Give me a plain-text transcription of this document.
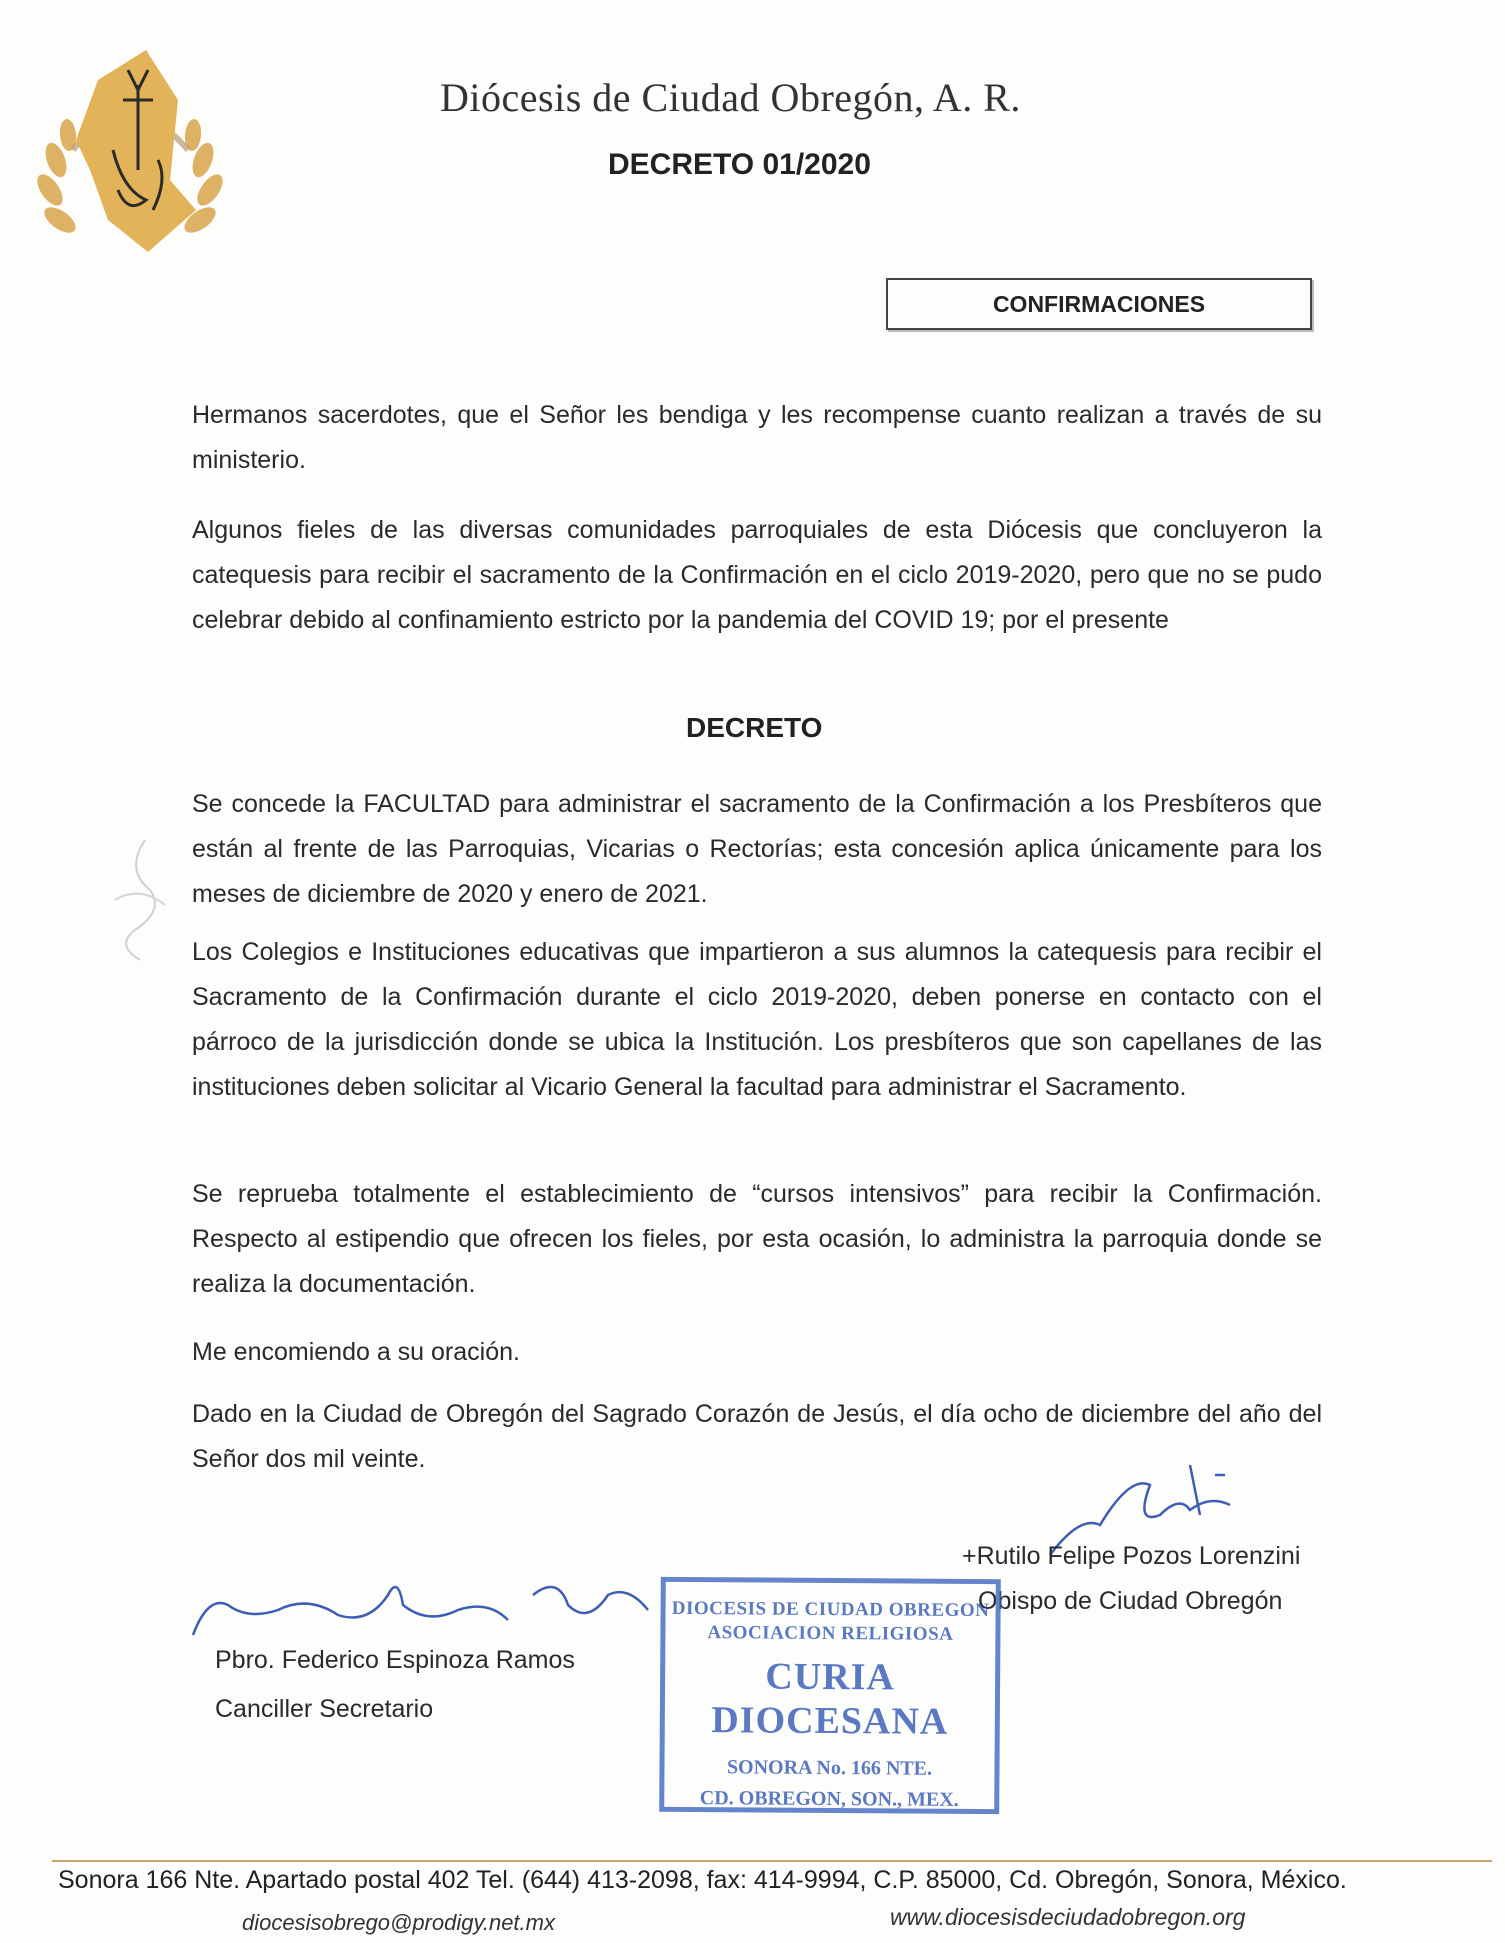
Diócesis de Ciudad Obregón, A. R.
DECRETO 01/2020
CONFIRMACIONES
Hermanos sacerdotes, que el Señor les bendiga y les recompense cuanto realizan a través de su ministerio.
Algunos fieles de las diversas comunidades parroquiales de esta Diócesis que concluyeron la catequesis para recibir el sacramento de la Confirmación en el ciclo 2019-2020, pero que no se pudo celebrar debido al confinamiento estricto por la pandemia del COVID 19; por el presente
DECRETO
Se concede la FACULTAD para administrar el sacramento de la Confirmación a los Presbíteros que están al frente de las Parroquias, Vicarias o Rectorías; esta concesión aplica únicamente para los meses de diciembre de 2020 y enero de 2021.
Los Colegios e Instituciones educativas que impartieron a sus alumnos la catequesis para recibir el Sacramento de la Confirmación durante el ciclo 2019-2020, deben ponerse en contacto con el párroco de la jurisdicción donde se ubica la Institución. Los presbíteros que son capellanes de las instituciones deben solicitar al Vicario General la facultad para administrar el Sacramento.
Se reprueba totalmente el establecimiento de “cursos intensivos” para recibir la Confirmación. Respecto al estipendio que ofrecen los fieles, por esta ocasión, lo administra la parroquia donde se realiza la documentación.
Me encomiendo a su oración.
Dado en la Ciudad de Obregón del Sagrado Corazón de Jesús, el día ocho de diciembre del año del Señor dos mil veinte.
+Rutilo Felipe Pozos Lorenzini
Obispo de Ciudad Obregón
Pbro. Federico Espinoza Ramos
Canciller Secretario
DIOCESIS DE CIUDAD OBREGON
ASOCIACION RELIGIOSA
CURIA DIOCESANA
SONORA No. 166 NTE.
CD. OBREGON, SON., MEX.
Sonora 166 Nte. Apartado postal 402 Tel. (644) 413-2098, fax: 414-9994, C.P. 85000, Cd. Obregón, Sonora, México.
diocesisobrego@prodigy.net.mx	www.diocesisdeciudadobregon.org
